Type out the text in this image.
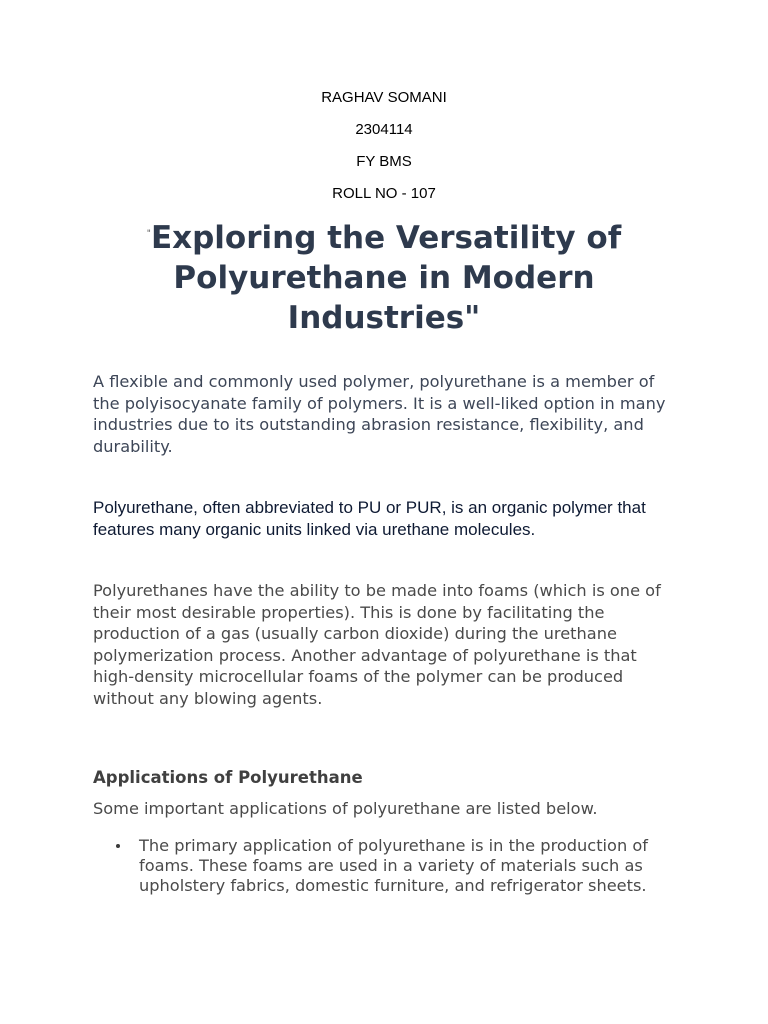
RAGHAV SOMANI
2304114
FY BMS
ROLL NO - 107
"Exploring the Versatility of Polyurethane in Modern Industries"

A flexible and commonly used polymer, polyurethane is a member of the polyisocyanate family of polymers. It is a well-liked option in many industries due to its outstanding abrasion resistance, flexibility, and durability.

Polyurethane, often abbreviated to PU or PUR, is an organic polymer that features many organic units linked via urethane molecules.

Polyurethanes have the ability to be made into foams (which is one of their most desirable properties). This is done by facilitating the production of a gas (usually carbon dioxide) during the urethane polymerization process. Another advantage of polyurethane is that high-density microcellular foams of the polymer can be produced without any blowing agents.

Applications of Polyurethane

Some important applications of polyurethane are listed below.

The primary application of polyurethane is in the production of foams. These foams are used in a variety of materials such as upholstery fabrics, domestic furniture, and refrigerator sheets.
